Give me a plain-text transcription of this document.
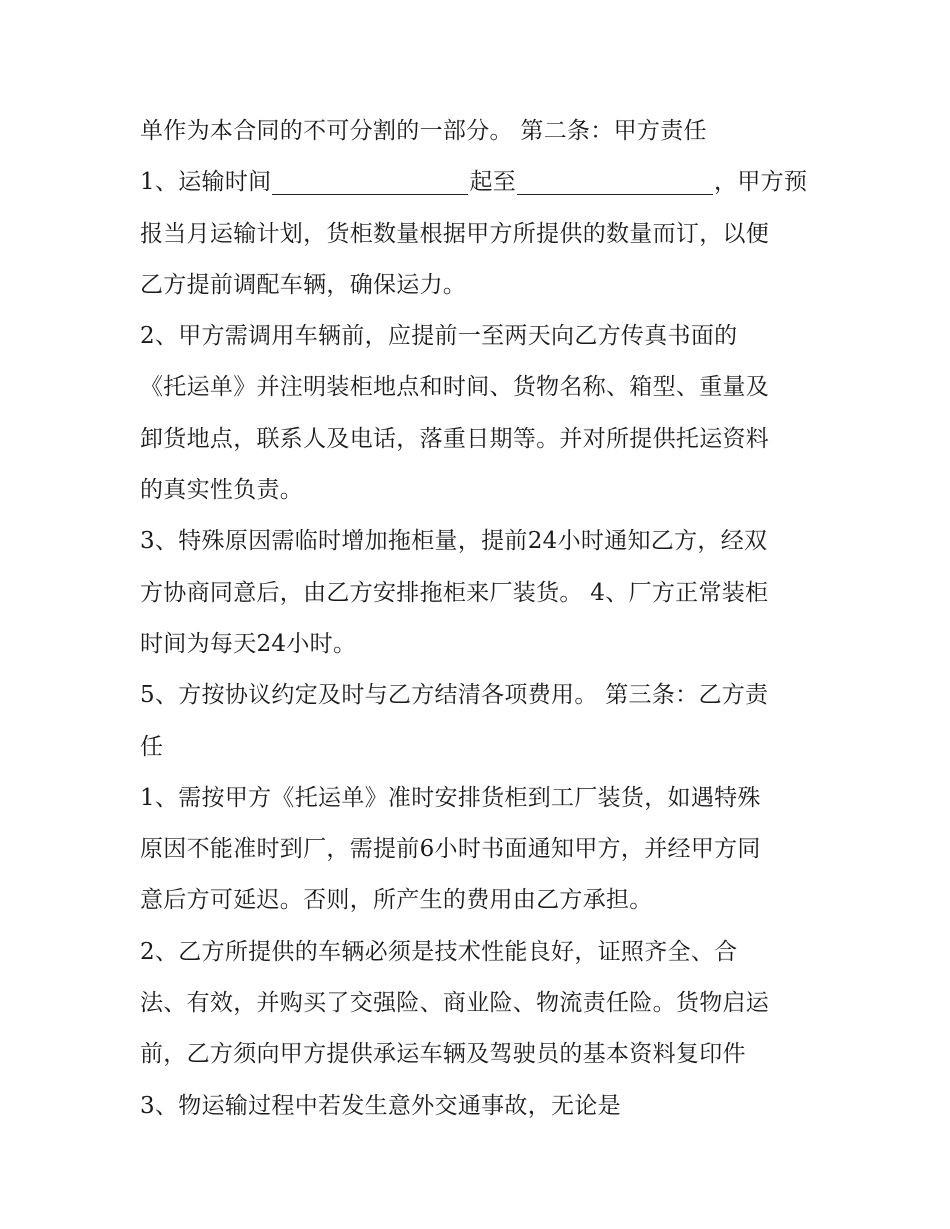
单作为本合同的不可分割的一部分。 第二条：甲方责任
1、运输时间	起至	，甲方预
报当月运输计划，货柜数量根据甲方所提供的数量而订，以便
乙方提前调配车辆，确保运力。
2、甲方需调用车辆前，应提前一至两天向乙方传真书面的
《托运单》并注明装柜地点和时间、货物名称、箱型、重量及
卸货地点，联系人及电话，落重日期等。并对所提供托运资料
的真实性负责。
3、特殊原因需临时增加拖柜量，提前24小时通知乙方，经双
方协商同意后，由乙方安排拖柜来厂装货。 4、厂方正常装柜
时间为每天24小时。
5、方按协议约定及时与乙方结清各项费用。 第三条：乙方责
任
1、需按甲方《托运单》准时安排货柜到工厂装货，如遇特殊
原因不能准时到厂，需提前6小时书面通知甲方，并经甲方同
意后方可延迟。否则，所产生的费用由乙方承担。
2、乙方所提供的车辆必须是技术性能良好，证照齐全、合
法、有效，并购买了交强险、商业险、物流责任险。货物启运
前，乙方须向甲方提供承运车辆及驾驶员的基本资料复印件
3、物运输过程中若发生意外交通事故，无论是
